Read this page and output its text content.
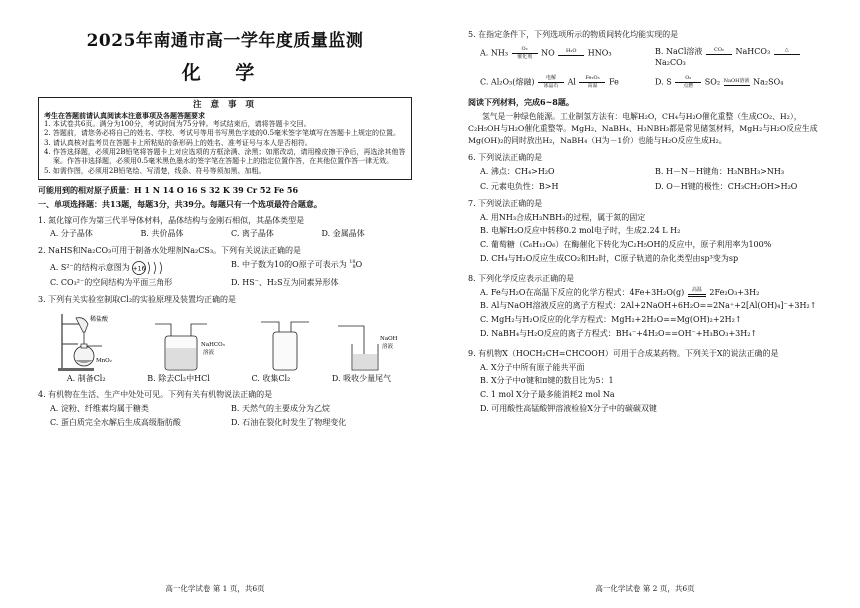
2025年南通市高一学年度质量监测
化 学
注 意 事 项
考生在答题前请认真阅读本注意事项及各题答题要求
1. 本试卷共6页。满分为100分，考试时间为75分钟。考试结束后，请将答题卡交回。
2. 答题前，请您务必将自己的姓名、学校、考试号等用书写黑色字迹的0.5毫米签字笔填写在答题卡上规定的位置。
3. 请认真核对监考员在答题卡上所粘贴的条形码上的姓名、准考证号与本人是否相符。
4. 作答选择题，必须用2B铅笔将答题卡上对应选项的方框涂满、涂黑；如需改动，请用橡皮擦干净后，再选涂其他答案。作答非选择题，必须用0.5毫米黑色墨水的签字笔在答题卡上的指定位置作答，在其他位置作答一律无效。
5. 如需作图，必须用2B铅笔绘、写清楚，线条、符号等须加黑、加粗。
可能用到的相对原子质量：H 1 N 14 O 16 S 32 K 39 Cr 52 Fe 56
一、单项选择题：共13题，每题3分，共39分。每题只有一个选项最符合题意。
1. 氮化镓可作为第三代半导体材料，晶体结构与金刚石相似，其晶体类型是
A. 分子晶体	B. 共价晶体	C. 离子晶体	D. 金属晶体
2. NaHS和Na₂CO₃可用于制备水处理剂Na₂CS₃。下列有关说法正确的是
A. S²⁻的结构示意图为 +16	B. 中子数为10的O原子可表示为 18
8 O
C. CO₃²⁻的空间结构为平面三角形	D. HS⁻、H₂S互为同素异形体
3. 下列有关实验室制取Cl₂的实验原理及装置均正确的是
稀盐酸
MnO₂
NaHCO₃
溶液
NaOH
溶液
A. 制备Cl₂	B. 除去Cl₂中HCl	C. 收集Cl₂	D. 吸收少量尾气
4. 有机物在生活、生产中处处可见。下列有关有机物说法正确的是
A. 淀粉、纤维素均属于糖类	B. 天然气的主要成分为乙烷
C. 蛋白质完全水解后生成高级脂肪酸	D. 石油在裂化时发生了物理变化
高一化学试卷 第 1 页，共6页
5. 在指定条件下，下列选项所示的物质间转化均能实现的是
A. NH₃	O₂
催化剂 NO H₂O HNO₃	B. NaCl溶液 CO₂ NaHCO₃	△
Na₂CO₃
C. Al₂O₃(熔融) 电解
冰晶石 Al Fe₂O₃
高温 Fe	D. S	O₂
点燃 SO₂ NaOH溶液 Na₂SO₄
阅读下列材料，完成6~8题。
氢气是一种绿色能源。工业制氢方法有：电解H₂O，CH₄与H₂O催化重整（生成CO₂、H₂），C₂H₅OH与H₂O催化重整等。MgH₂、NaBH₄、H₃NBH₃都是常见储氢材料，MgH₂与H₂O反应生成Mg(OH)₂的同时放出H₂，NaBH₄（H为－1价）也能与H₂O反应生成H₂。
6. 下列说法正确的是
A. 沸点：CH₄>H₂O	B. H－N－H键角：H₃NBH₃>NH₃
C. 元素电负性：B>H	D. O－H键的极性：CH₃CH₂OH>H₂O
7. 下列说法正确的是
A. 用NH₃合成H₃NBH₃的过程，属于氮的固定
B. 电解H₂O反应中转移0.2 mol电子时，生成2.24 L H₂
C. 葡萄糖（C₆H₁₂O₆）在酶催化下转化为C₂H₅OH的反应中，原子利用率为100%
D. CH₄与H₂O反应生成CO₂和H₂时，C原子轨道的杂化类型由sp³变为sp
8. 下列化学反应表示正确的是
A. Fe与H₂O在高温下反应的化学方程式：4Fe+3H₂O(g) 高温 2Fe₂O₃+3H₂
B. Al与NaOH溶液反应的离子方程式：2Al+2NaOH+6H₂O==2Na⁺+2[Al(OH)₄]⁻+3H₂↑
C. MgH₂与H₂O反应的化学方程式：MgH₂+2H₂O==Mg(OH)₂+2H₂↑
D. NaBH₄与H₂O反应的离子方程式：BH₄⁻+4H₂O==OH⁻+H₃BO₃+3H₂↑
9. 有机物X（HOCH₂CH=CHCOOH）可用于合成某药物。下列关于X的说法正确的是
A. X分子中所有原子能共平面
B. X分子中σ键和π键的数目比为5：1
C. 1 mol X分子最多能消耗2 mol Na
D. 可用酸性高锰酸钾溶液检验X分子中的碳碳双键
高一化学试卷 第 2 页，共6页
